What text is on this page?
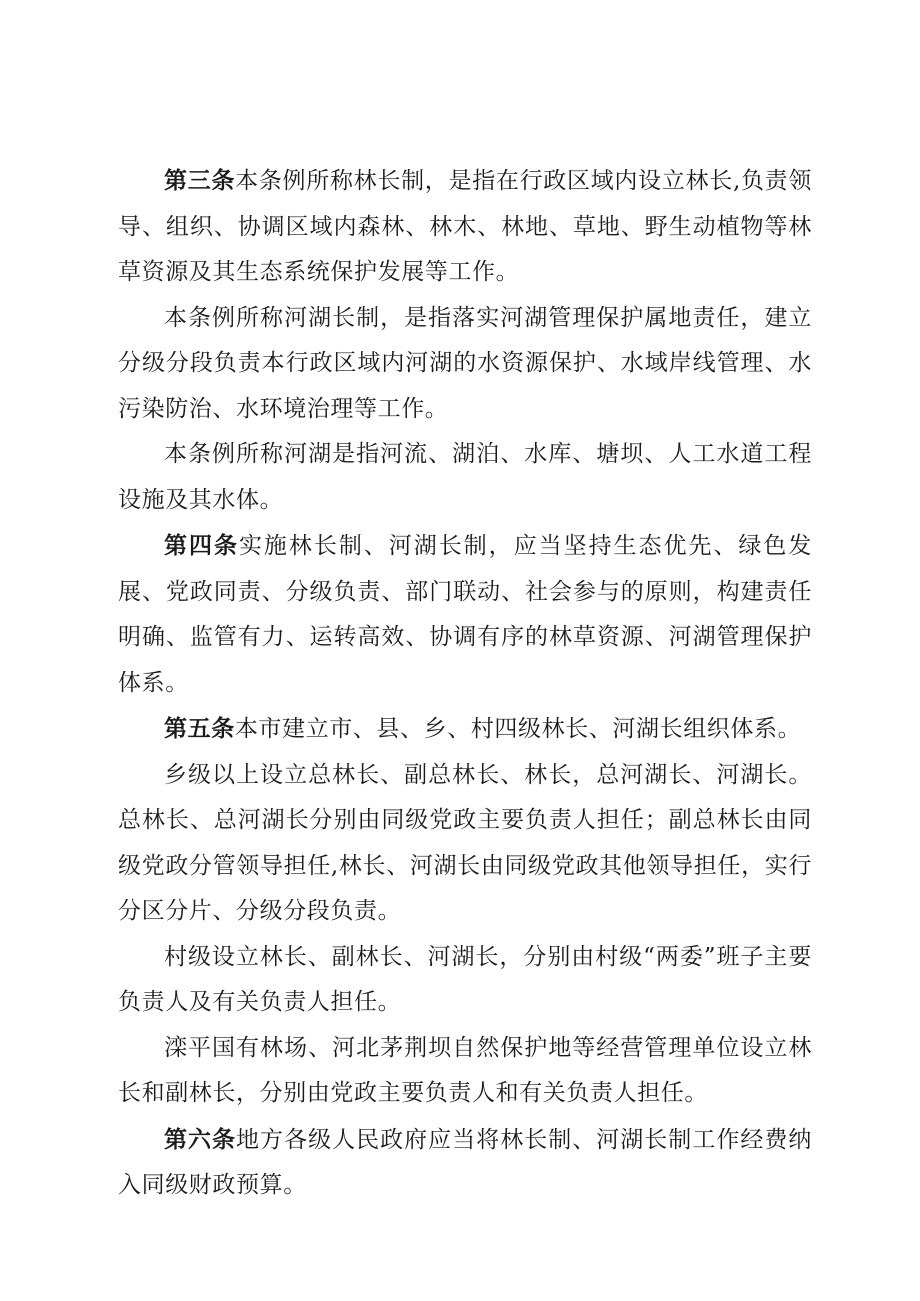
第三条本条例所称林长制，是指在行政区域内设立林长,负责领导、组织、协调区域内森林、林木、林地、草地、野生动植物等林草资源及其生态系统保护发展等工作。

本条例所称河湖长制，是指落实河湖管理保护属地责任，建立分级分段负责本行政区域内河湖的水资源保护、水域岸线管理、水污染防治、水环境治理等工作。

本条例所称河湖是指河流、湖泊、水库、塘坝、人工水道工程设施及其水体。

第四条实施林长制、河湖长制，应当坚持生态优先、绿色发展、党政同责、分级负责、部门联动、社会参与的原则，构建责任明确、监管有力、运转高效、协调有序的林草资源、河湖管理保护体系。

第五条本市建立市、县、乡、村四级林长、河湖长组织体系。

乡级以上设立总林长、副总林长、林长，总河湖长、河湖长。总林长、总河湖长分别由同级党政主要负责人担任；副总林长由同级党政分管领导担任,林长、河湖长由同级党政其他领导担任，实行分区分片、分级分段负责。

村级设立林长、副林长、河湖长，分别由村级“两委”班子主要负责人及有关负责人担任。

滦平国有林场、河北茅荆坝自然保护地等经营管理单位设立林长和副林长，分别由党政主要负责人和有关负责人担任。

第六条地方各级人民政府应当将林长制、河湖长制工作经费纳入同级财政预算。
